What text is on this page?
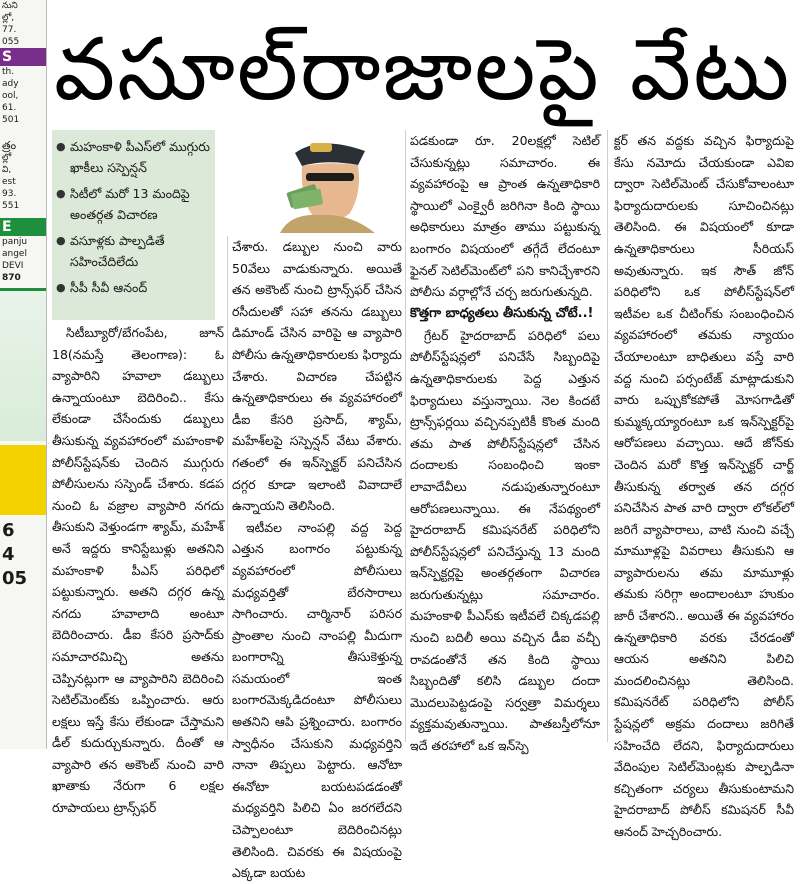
నుని
ల్లో,
77.
055
S
th.
ady
ool,
61.
501
త్రం
ల్లో
వి,
est
93.
551
E
panju
angel
DEVI
870
6
4
05
వసూల్‌రాజాలపై వేటు
● మహంకాళి పీఎస్‌లో ముగ్గురు ఖాకీలు సస్పెన్షన్‌
● సిటీలో మరో 13 మందిపై అంతర్గత విచారణ
● వసూళ్లకు పాల్పడితే సహించేదిలేదు
● సీపీ సీవీ ఆనంద్‌

సిటీబ్యూరో/బేగంపేట, జూన్‌ 18(నమస్తే తెలంగాణ): ఓ వ్యాపారిని హవాలా డబ్బులు ఉన్నాయంటూ బెదిరించి.. కేసు లేకుండా చేసేందుకు డబ్బులు తీసుకున్న వ్యవహారంలో మహంకాళి పోలీస్‌స్టేషన్‌కు చెందిన ముగ్గురు పోలీసులను సస్పెండ్‌ చేశారు. కడప నుంచి ఓ వజ్రాల వ్యాపారి నగదు తీసుకుని వెళ్తుండగా శ్యామ్‌, మహేశ్‌ అనే ఇద్దరు కానిస్టేబుళ్లు అతనిని మహంకాళి పీఎస్‌ పరిధిలో పట్టుకున్నారు. అతని దగ్గర ఉన్న నగదు హవాలాది అంటూ బెదిరించారు. డీఐ కేసరి ప్రసాద్‌కు సమాచారమిచ్చి అతను చెప్పినట్లుగా ఆ వ్యాపారిని బెదిరించి సెటిల్‌మెంట్‌కు ఒప్పించారు. ఆరు లక్షలు ఇస్తే కేసు లేకుండా చేస్తామని డీల్‌ కుదుర్చుకున్నారు. దీంతో ఆ వ్యాపారి తన అకౌంట్‌ నుంచి వారి ఖాతాకు నేరుగా 6 లక్షల రూపాయలు ట్రాన్స్‌ఫర్‌

చేశారు. డబ్బుల నుంచి వారు 50వేలు వాడుకున్నారు. అయితే తన అకౌంట్‌ నుంచి ట్రాన్స్‌ఫర్‌ చేసిన రసీదులతో సహా తనను డబ్బులు డిమాండ్‌ చేసిన వారిపై ఆ వ్యాపారి పోలీసు ఉన్నతాధికారులకు ఫిర్యాదు చేశారు. విచారణ చేపట్టిన ఉన్నతాధికారులు ఈ వ్యవహారంలో డీఐ కేసరి ప్రసాద్‌, శ్యామ్‌, మహేశ్‌లపై సస్పెన్షన్‌ వేటు వేశారు. గతంలో ఈ ఇన్‌స్పెక్టర్‌ పనిచేసిన దగ్గర కూడా ఇలాంటి వివాదాలే ఉన్నాయని తెలిసింది.

ఇటీవల నాంపల్లి వద్ద పెద్ద ఎత్తున బంగారం పట్టుకున్న వ్యవహారంలో పోలీసులు మధ్యవర్తితో బేరసారాలు సాగించారు. చార్మినార్‌ పరిసర ప్రాంతాల నుంచి నాంపల్లి మీదుగా బంగారాన్ని తీసుకెళ్తున్న సమయంలో ఇంత బంగారమెక్కడిదంటూ పోలీసులు అతనిని ఆపి ప్రశ్నించారు. బంగారం స్వాధీనం చేసుకుని మధ్యవర్తిని నానా తిప్పలు పెట్టారు. ఆనోటా ఈనోటా బయటపడడంతో మధ్యవర్తిని పిలిచి ఏం జరగలేదని చెప్పాలంటూ బెదిరించినట్లు తెలిసింది. చివరకు ఈ విషయంపై ఎక్కడా బయట

పడకుండా రూ. 20లక్షల్లో సెటిల్‌ చేసుకున్నట్లు సమాచారం. ఈ వ్యవహారంపై ఆ ప్రాంత ఉన్నతాధికారి స్థాయిలో ఎంక్వైరీ జరిగినా కింది స్థాయి అధికారులు మాత్రం తాము పట్టుకున్న బంగారం విషయంలో తగ్గేదే లేదంటూ ఫైనల్‌ సెటిల్‌మెంట్‌లో పని కానిచ్చేశారని పోలీసు వర్గాల్లోనే చర్చ జరుగుతున్నది.

కొత్తగా బాధ్యతలు తీసుకున్న చోటే..!

గ్రేటర్‌ హైదరాబాద్‌ పరిధిలో పలు పోలీస్‌స్టేషన్లలో పనిచేసే సిబ్బందిపై ఉన్నతాధికారులకు పెద్ద ఎత్తున ఫిర్యాదులు వస్తున్నాయి. నెల కిందటే ట్రాన్స్‌ఫర్లయి వచ్చినప్పటికీ కొంత మంది తమ పాత పోలీస్‌స్టేషన్లలో చేసిన దందాలకు సంబంధించి ఇంకా లావాదేవీలు నడుపుతున్నారంటూ ఆరోపణలున్నాయి. ఈ నేపథ్యంలో హైదరాబాద్‌ కమిషనరేట్‌ పరిధిలోని పోలీస్‌స్టేషన్లలో పనిచేస్తున్న 13 మంది ఇన్‌స్పెక్టర్లపై అంతర్గతంగా విచారణ జరుగుతున్నట్లు సమాచారం. మహంకాళి పీఎస్‌కు ఇటీవలే చిక్కడపల్లి నుంచి బదిలీ అయి వచ్చిన డీఐ వచ్చీ రావడంతోనే తన కింది స్థాయి సిబ్బందితో కలిసి డబ్బుల దందా మొదలుపెట్టడంపై సర్వత్రా విమర్శలు వ్యక్తమవుతున్నాయి. పాతబస్తీలోనూ ఇదే తరహాలో ఒక ఇన్‌స్పె

క్టర్‌ తన వద్దకు వచ్చిన ఫిర్యాదుపై కేసు నమోదు చేయకుండా ఎవిఐ ద్వారా సెటిల్‌మెంట్‌ చేసుకోవాలంటూ ఫిర్యాదుదారులకు సూచించినట్లు తెలిసింది. ఈ విషయంలో కూడా ఉన్నతాధికారులు సీరియస్‌ అవుతున్నారు. ఇక సౌత్‌ జోన్‌ పరిధిలోని ఒక పోలీస్‌స్టేషన్‌లో ఇటీవల ఒక చీటింగ్‌కు సంబంధించిన వ్యవహారంలో తమకు న్యాయం చేయాలంటూ బాధితులు వస్తే వారి వద్ద నుంచి పర్సంటేజ్‌ మాట్లాడుకుని వారు ఒప్పుకోకపోతే మోసగాడితో కుమ్మక్కయ్యారంటూ ఒక ఇన్‌స్పెక్టర్‌పై ఆరోపణలు వచ్చాయి. ఆదే జోన్‌కు చెందిన మరో కొత్త ఇన్‌స్పెక్టర్‌ చార్జ్‌ తీసుకున్న తర్వాత తన దగ్గర పనిచేసిన పాత వారి ద్వారా లోకల్‌లో జరిగే వ్యాపారాలు, వాటి నుంచి వచ్చే మామూళ్లపై వివరాలు తీసుకుని ఆ వ్యాపారులను తమ మామూళ్లు తమకు సరిగ్గా అందాలంటూ హుకుం జారీ చేశారని.. అయితే ఈ వ్యవహారం ఉన్నతాధికారి వరకు చేరడంతో ఆయన అతనిని పిలిచి మందలించినట్లు తెలిసింది. కమిషనరేట్‌ పరిధిలోని పోలీస్‌ స్టేషన్లలో అక్రమ దందాలు జరిగితే సహించేది లేదని, ఫిర్యాదుదారులు వేదింపుల సెటిల్‌మెంట్లకు పాల్పడినా కచ్చితంగా చర్యలు తీసుకుంటామని హైదరాబాద్‌ పోలీస్‌ కమిషనర్‌ సీవీ ఆనంద్‌ హెచ్చరించారు.
